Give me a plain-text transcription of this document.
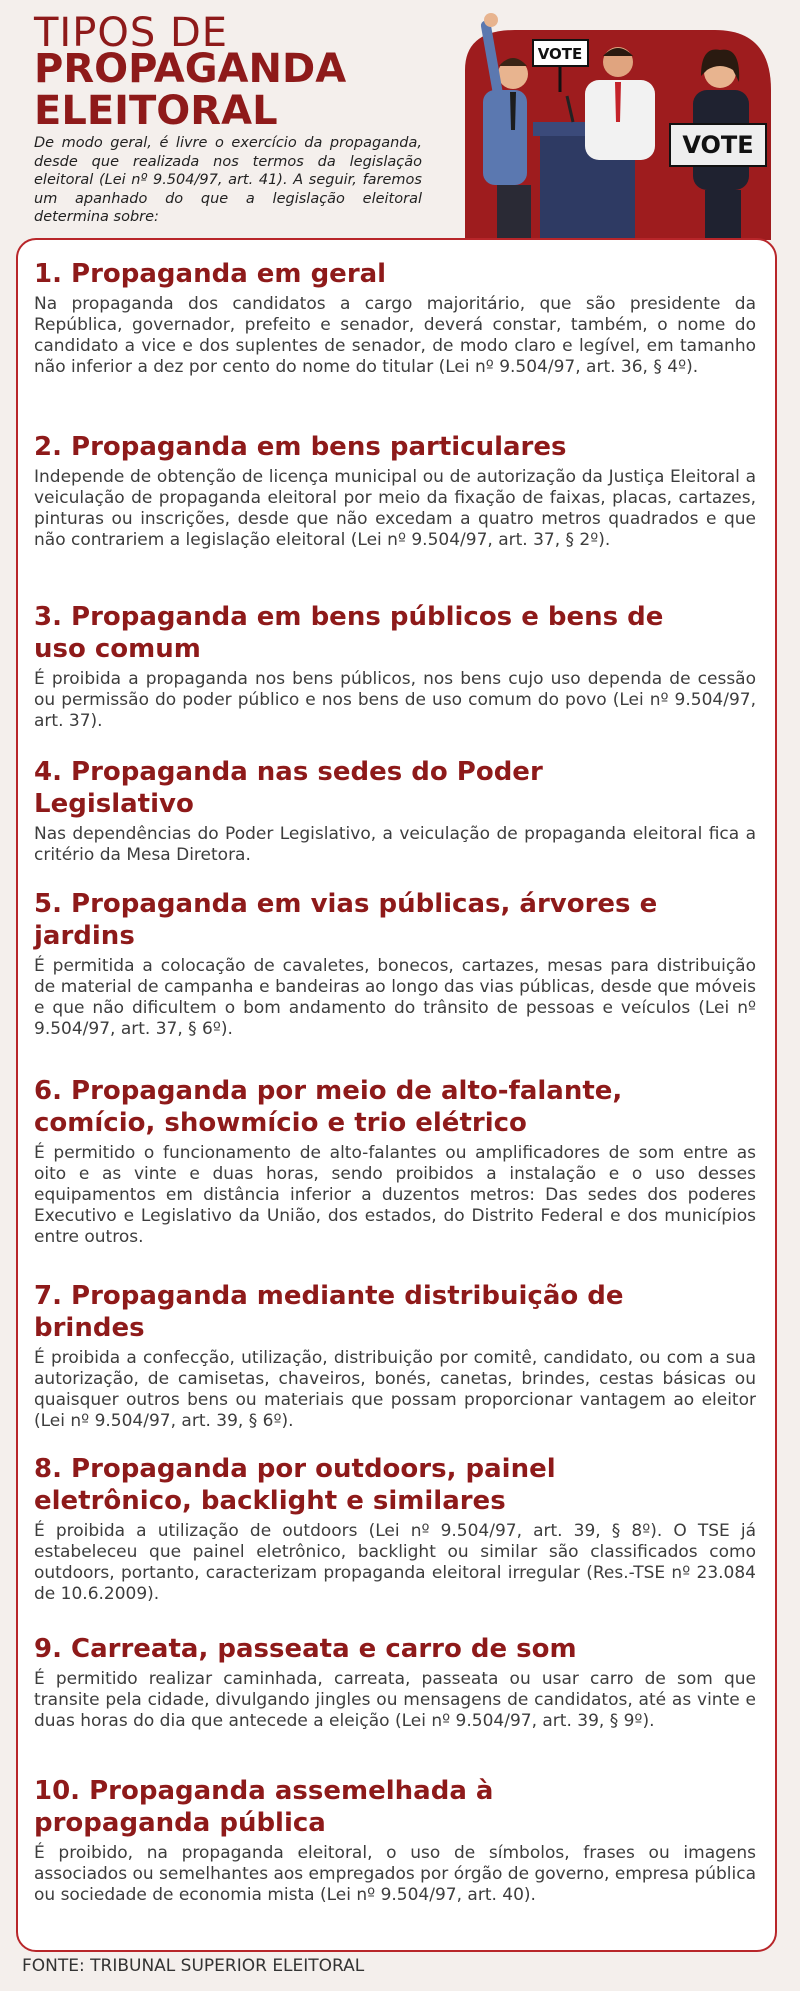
TIPOS DE
PROPAGANDA
ELEITORAL
De modo geral, é livre o exercício da propaganda, desde que realizada nos termos da legislação eleitoral (Lei nº 9.504/97, art. 41). A seguir, faremos um apanhado do que a legislação eleitoral determina sobre:
VOTE
VOTE
1. Propaganda em geral

Na propaganda dos candidatos a cargo majoritário, que são presidente da República, governador, prefeito e senador, deverá constar, também, o nome do candidato a vice e dos suplentes de senador, de modo claro e legível, em tamanho não inferior a dez por cento do nome do titular (Lei nº 9.504/97, art. 36, § 4º).

2. Propaganda em bens particulares

Independe de obtenção de licença municipal ou de autorização da Justiça Eleitoral a veiculação de propaganda eleitoral por meio da fixação de faixas, placas, cartazes, pinturas ou inscrições, desde que não excedam a quatro metros quadrados e que não contrariem a legislação eleitoral (Lei nº 9.504/97, art. 37, § 2º).

3. Propaganda em bens públicos e bens de uso comum

É proibida a propaganda nos bens públicos, nos bens cujo uso dependa de cessão ou permissão do poder público e nos bens de uso comum do povo (Lei nº 9.504/97, art. 37).

4. Propaganda nas sedes do Poder Legislativo

Nas dependências do Poder Legislativo, a veiculação de propaganda eleitoral fica a critério da Mesa Diretora.

5. Propaganda em vias públicas, árvores e jardins

É permitida a colocação de cavaletes, bonecos, cartazes, mesas para distribuição de material de campanha e bandeiras ao longo das vias públicas, desde que móveis e que não dificultem o bom andamento do trânsito de pessoas e veículos (Lei nº 9.504/97, art. 37, § 6º).

6. Propaganda por meio de alto-falante, comício, showmício e trio elétrico

É permitido o funcionamento de alto-falantes ou amplificadores de som entre as oito e as vinte e duas horas, sendo proibidos a instalação e o uso desses equipamentos em distância inferior a duzentos metros: Das sedes dos poderes Executivo e Legislativo da União, dos estados, do Distrito Federal e dos municípios entre outros.

7. Propaganda mediante distribuição de brindes

É proibida a confecção, utilização, distribuição por comitê, candidato, ou com a sua autorização, de camisetas, chaveiros, bonés, canetas, brindes, cestas básicas ou quaisquer outros bens ou materiais que possam proporcionar vantagem ao eleitor (Lei nº 9.504/97, art. 39, § 6º).

8. Propaganda por outdoors, painel eletrônico, backlight e similares

É proibida a utilização de outdoors (Lei nº 9.504/97, art. 39, § 8º). O TSE já estabeleceu que painel eletrônico, backlight ou similar são classificados como outdoors, portanto, caracterizam propaganda eleitoral irregular (Res.-TSE nº 23.084 de 10.6.2009).

9. Carreata, passeata e carro de som

É permitido realizar caminhada, carreata, passeata ou usar carro de som que transite pela cidade, divulgando jingles ou mensagens de candidatos, até as vinte e duas horas do dia que antecede a eleição (Lei nº 9.504/97, art. 39, § 9º).

10. Propaganda assemelhada à propaganda pública

É proibido, na propaganda eleitoral, o uso de símbolos, frases ou imagens associados ou semelhantes aos empregados por órgão de governo, empresa pública ou sociedade de economia mista (Lei nº 9.504/97, art. 40).

FONTE: TRIBUNAL SUPERIOR ELEITORAL
